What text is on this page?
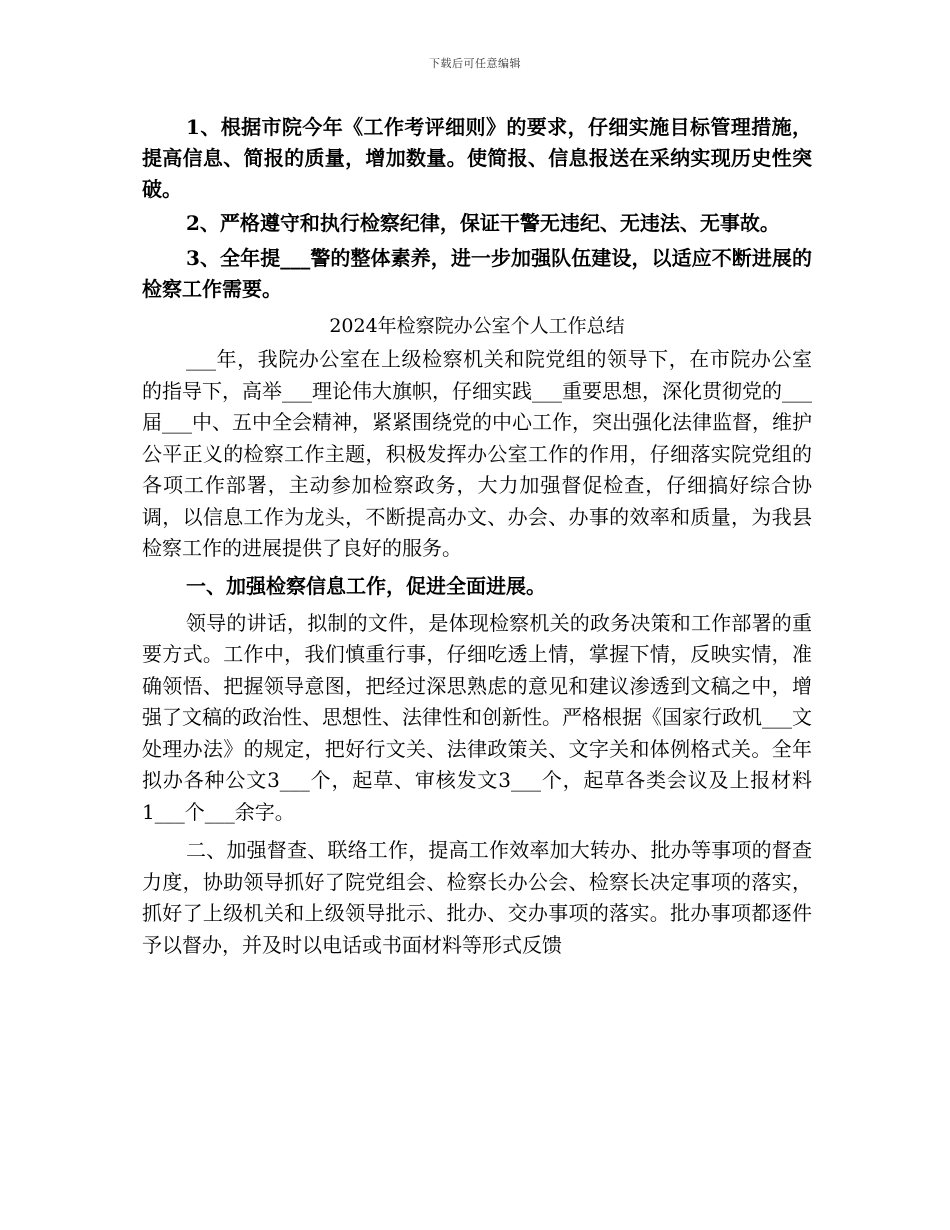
下载后可任意编辑

1、根据市院今年《工作考评细则》的要求，仔细实施目标管理措施，提高信息、简报的质量，增加数量。使简报、信息报送在采纳实现历史性突破。

2、严格遵守和执行检察纪律，保证干警无违纪、无违法、无事故。

3、全年提___警的整体素养，进一步加强队伍建设，以适应不断进展的检察工作需要。

2024年检察院办公室个人工作总结

___年，我院办公室在上级检察机关和院党组的领导下，在市院办公室的指导下，高举___理论伟大旗帜，仔细实践___重要思想，深化贯彻党的___届___中、五中全会精神，紧紧围绕党的中心工作，突出强化法律监督，维护公平正义的检察工作主题，积极发挥办公室工作的作用，仔细落实院党组的各项工作部署，主动参加检察政务，大力加强督促检查，仔细搞好综合协调，以信息工作为龙头，不断提高办文、办会、办事的效率和质量，为我县检察工作的进展提供了良好的服务。

一、加强检察信息工作，促进全面进展。

领导的讲话，拟制的文件，是体现检察机关的政务决策和工作部署的重要方式。工作中，我们慎重行事，仔细吃透上情，掌握下情，反映实情，准确领悟、把握领导意图，把经过深思熟虑的意见和建议渗透到文稿之中，增强了文稿的政治性、思想性、法律性和创新性。严格根据《国家行政机___文处理办法》的规定，把好行文关、法律政策关、文字关和体例格式关。全年拟办各种公文3___个，起草、审核发文3___个，起草各类会议及上报材料1___个___余字。

二、加强督查、联络工作，提高工作效率加大转办、批办等事项的督查力度，协助领导抓好了院党组会、检察长办公会、检察长决定事项的落实，抓好了上级机关和上级领导批示、批办、交办事项的落实。批办事项都逐件予以督办，并及时以电话或书面材料等形式反馈
